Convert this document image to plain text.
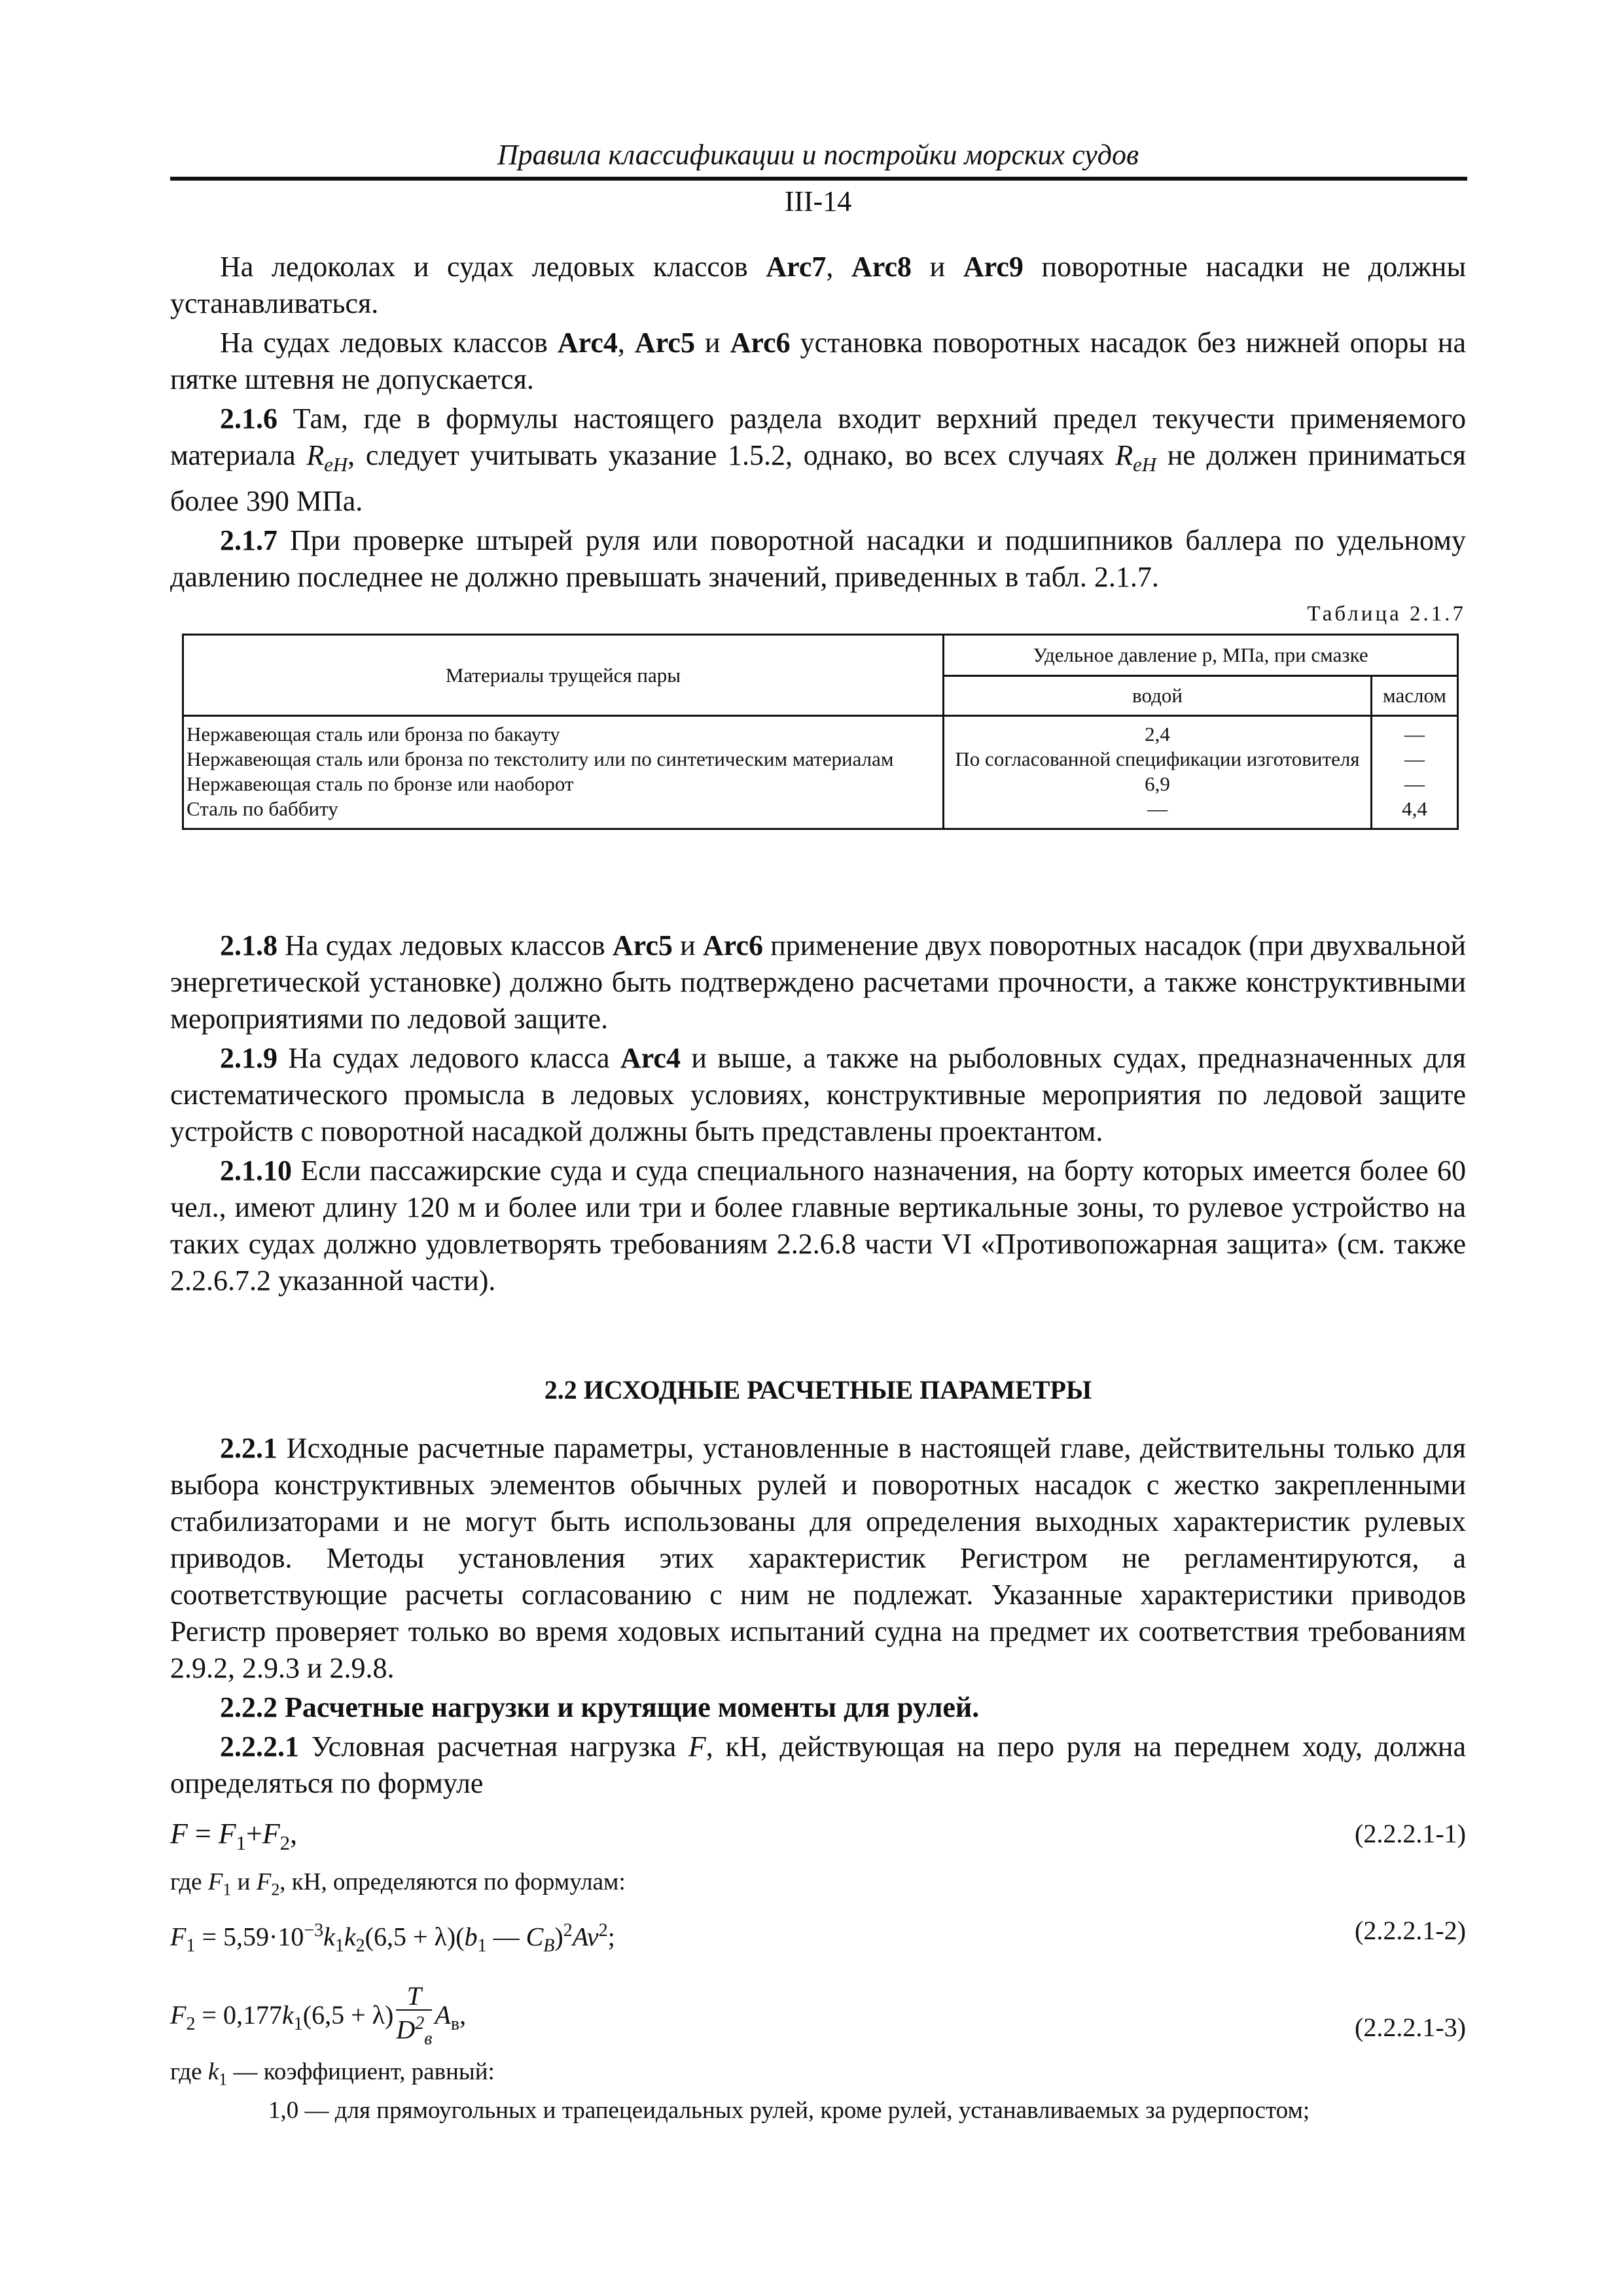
Правила классификации и постройки морских судов
III-14

На ледоколах и судах ледовых классов Arc7, Arc8 и Arc9 поворотные насадки не должны устанавливаться.

На судах ледовых классов Arc4, Arc5 и Arc6 установка поворотных насадок без нижней опоры на пятке штевня не допускается.

2.1.6 Там, где в формулы настоящего раздела входит верхний предел текучести применяемого материала $R_{eH}$, следует учитывать указание 1.5.2, однако, во всех случаях $R_{eH}$ не должен приниматься более 390 МПа.

2.1.7 При проверке штырей руля или поворотной насадки и подшипников баллера по удельному давлению последнее не должно превышать значений, приведенных в табл. 2.1.7.

Таблица 2.1.7
Материалы трущейся пары	Удельное давление p, МПа, при смазке	
	водой	маслом
Нержавеющая сталь или бронза по бакауту	2,4	—
Нержавеющая сталь или бронза по текстолиту или по синтетическим материалам	По согласованной спецификации изготовителя	—
Нержавеющая сталь по бронзе или наоборот	6,9	—
Сталь по баббиту	—	4,4

2.1.8 На судах ледовых классов Arc5 и Arc6 применение двух поворотных насадок (при двухвальной энергетической установке) должно быть подтверждено расчетами прочности, а также конструктивными мероприятиями по ледовой защите.

2.1.9 На судах ледового класса Arc4 и выше, а также на рыболовных судах, предназначенных для систематического промысла в ледовых условиях, конструктивные мероприятия по ледовой защите устройств с поворотной насадкой должны быть представлены проектантом.

2.1.10 Если пассажирские суда и суда специального назначения, на борту которых имеется более 60 чел., имеют длину 120 м и более или три и более главные вертикальные зоны, то рулевое устройство на таких судах должно удовлетворять требованиям 2.2.6.8 части VI «Противопожарная защита» (см. также 2.2.6.7.2 указанной части).

2.2 ИСХОДНЫЕ РАСЧЕТНЫЕ ПАРАМЕТРЫ

2.2.1 Исходные расчетные параметры, установленные в настоящей главе, действительны только для выбора конструктивных элементов обычных рулей и поворотных насадок с жестко закрепленными стабилизаторами и не могут быть использованы для определения выходных характеристик рулевых приводов. Методы установления этих характеристик Регистром не регламентируются, а соответствующие расчеты согласованию с ним не подлежат. Указанные характеристики приводов Регистр проверяет только во время ходовых испытаний судна на предмет их соответствия требованиям 2.9.2, 2.9.3 и 2.9.8.

2.2.2 Расчетные нагрузки и крутящие моменты для рулей.

2.2.2.1 Условная расчетная нагрузка F, кН, действующая на перо руля на переднем ходу, должна определяться по формуле

$F = F_1+F_2$,	(2.2.2.1-1)
где $F_1$ и $F_2$, кН, определяются по формулам:
$F_1 = 5,59\cdot 10^{-3}k_1k_2(6,5 + \lambda)(b_1$ — $C_B)^2Av^2$;	(2.2.2.1-2)
$F_2 = 0,177k_1(6,5 + \lambda) \frac{T}{D^2_в} A_в$,	(2.2.2.1-3)
где $k_1$ — коэффициент, равный:
1,0 — для прямоугольных и трапецеидальных рулей, кроме рулей, устанавливаемых за рудерпостом;
